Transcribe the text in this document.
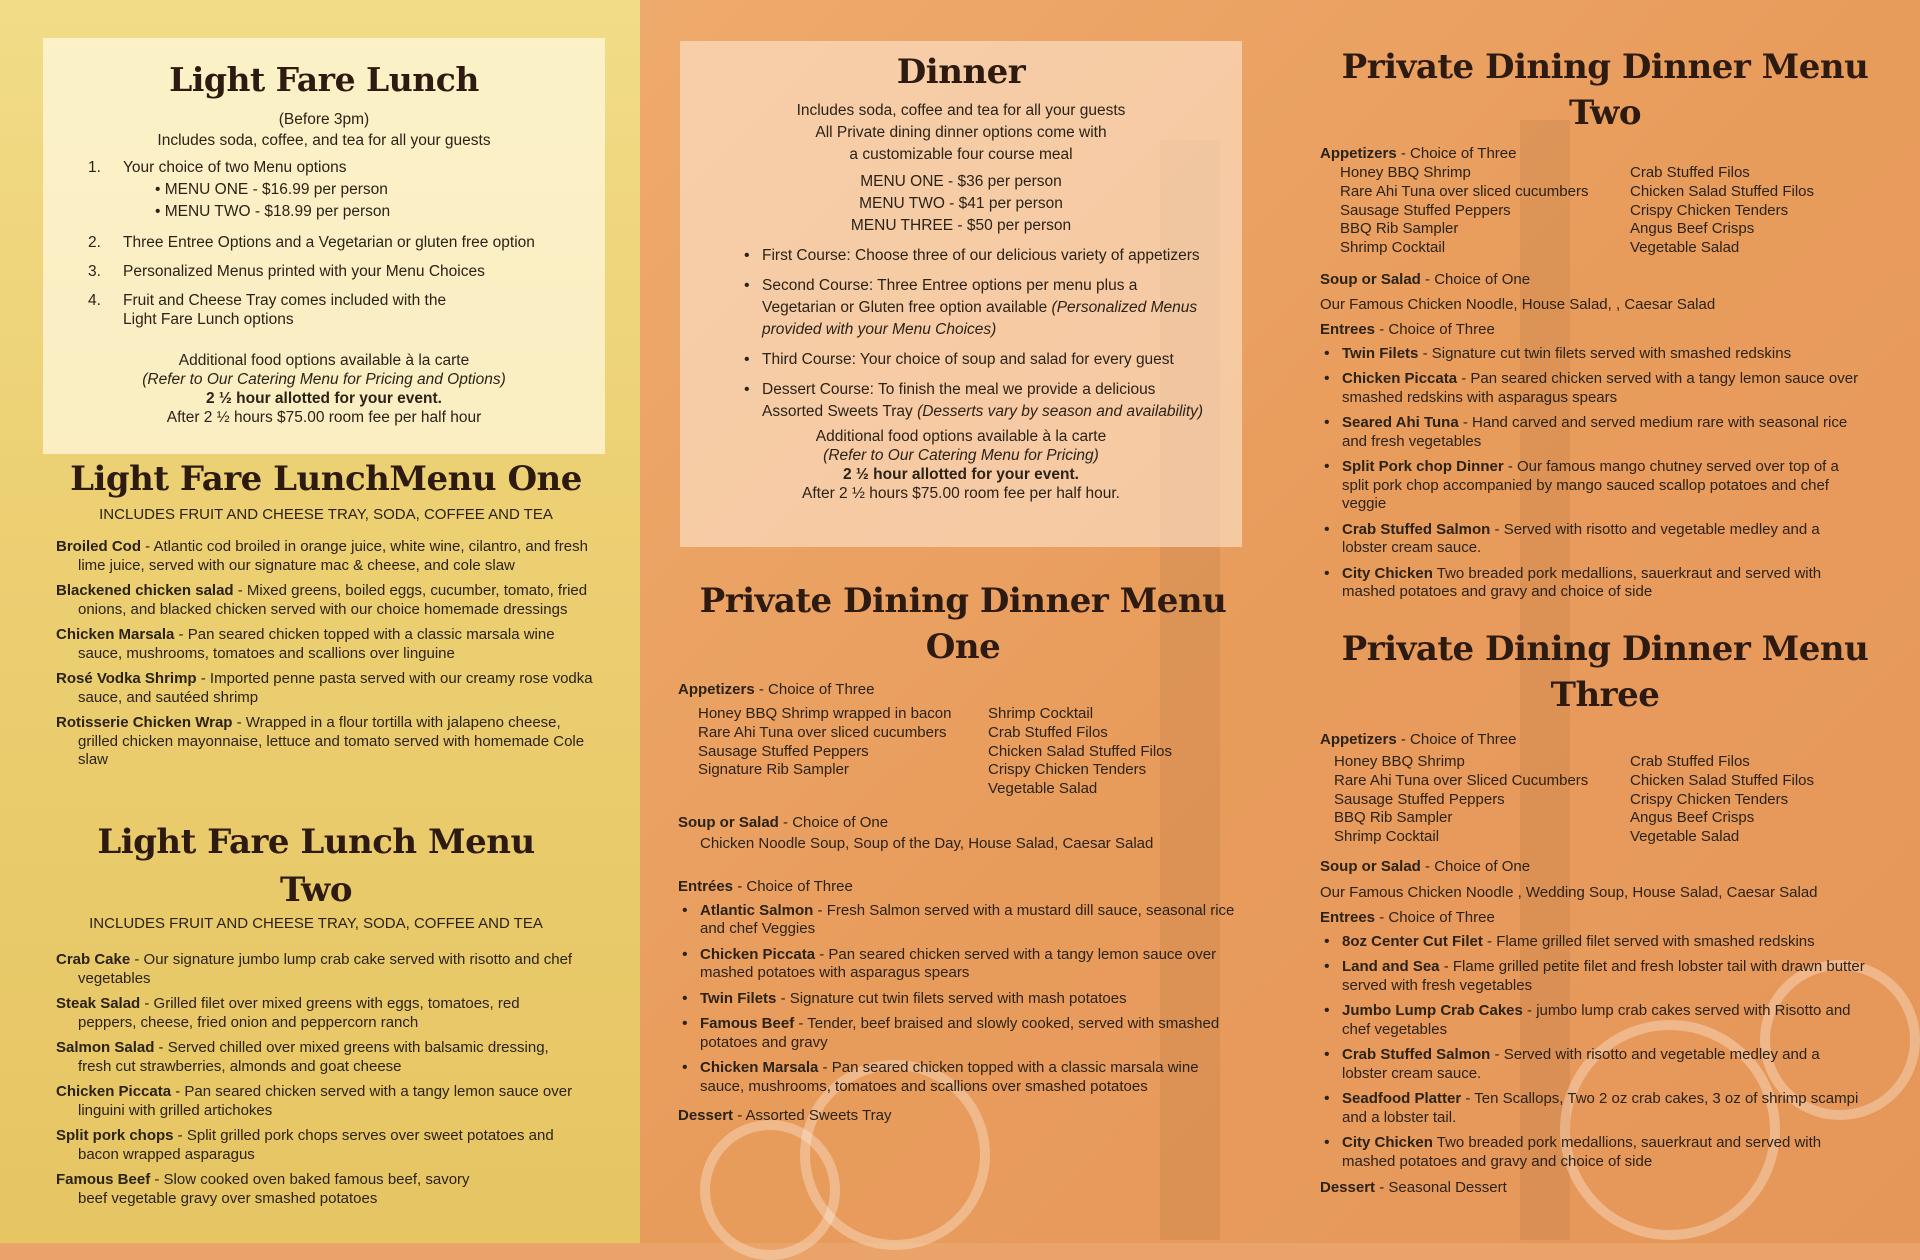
Light Fare Lunch

(Before 3pm)

Includes soda, coffee, and tea for all your guests

1. Your choice of two Menu options
• MENU ONE - $16.99 per person
• MENU TWO - $18.99 per person
2. Three Entree Options and a Vegetarian or gluten free option
3. Personalized Menus printed with your Menu Choices
4. Fruit and Cheese Tray comes included with the
Light Fare Lunch options

Additional food options available à la carte

(Refer to Our Catering Menu for Pricing and Options)

2 ½ hour allotted for your event.

After 2 ½ hours $75.00 room fee per half hour

Light Fare LunchMenu One

INCLUDES FRUIT AND CHEESE TRAY, SODA, COFFEE AND TEA

Broiled Cod - Atlantic cod broiled in orange juice, white wine, cilantro, and fresh lime juice, served with our signature mac & cheese, and cole slaw
Blackened chicken salad - Mixed greens, boiled eggs, cucumber, tomato, fried onions, and blacked chicken served with our choice homemade dressings
Chicken Marsala - Pan seared chicken topped with a classic marsala wine sauce, mushrooms, tomatoes and scallions over linguine
Rosé Vodka Shrimp - Imported penne pasta served with our creamy rose vodka sauce, and sautéed shrimp
Rotisserie Chicken Wrap - Wrapped in a flour tortilla with jalapeno cheese, grilled chicken mayonnaise, lettuce and tomato served with homemade Cole slaw
Light Fare Lunch Menu Two

INCLUDES FRUIT AND CHEESE TRAY, SODA, COFFEE AND TEA

Crab Cake - Our signature jumbo lump crab cake served with risotto and chef vegetables
Steak Salad - Grilled filet over mixed greens with eggs, tomatoes, red peppers, cheese, fried onion and peppercorn ranch
Salmon Salad - Served chilled over mixed greens with balsamic dressing, fresh cut strawberries, almonds and goat cheese
Chicken Piccata - Pan seared chicken served with a tangy lemon sauce over linguini with grilled artichokes
Split pork chops - Split grilled pork chops serves over sweet potatoes and bacon wrapped asparagus
Famous Beef - Slow cooked oven baked famous beef, savory beef vegetable gravy over smashed potatoes
Dinner

Includes soda, coffee and tea for all your guests

All Private dining dinner options come with

a customizable four course meal

MENU ONE - $36 per person

MENU TWO - $41 per person

MENU THREE - $50 per person

• First Course: Choose three of our delicious variety of appetizers
• Second Course: Three Entree options per menu plus a Vegetarian or Gluten free option available (Personalized Menus provided with your Menu Choices)
• Third Course: Your choice of soup and salad for every guest
• Dessert Course: To finish the meal we provide a delicious Assorted Sweets Tray (Desserts vary by season and availability)

Additional food options available à la carte

(Refer to Our Catering Menu for Pricing)

2 ½ hour allotted for your event.

After 2 ½ hours $75.00 room fee per half hour.

Private Dining Dinner Menu One

Appetizers - Choice of Three

Honey BBQ Shrimp wrapped in bacon
Rare Ahi Tuna over sliced cucumbers
Sausage Stuffed Peppers
Signature Rib Sampler
Shrimp Cocktail
Crab Stuffed Filos
Chicken Salad Stuffed Filos
Crispy Chicken Tenders
Vegetable Salad

Soup or Salad - Choice of One

Chicken Noodle Soup, Soup of the Day, House Salad, Caesar Salad

Entrées - Choice of Three

• Atlantic Salmon - Fresh Salmon served with a mustard dill sauce, seasonal rice and chef Veggies
• Chicken Piccata - Pan seared chicken served with a tangy lemon sauce over mashed potatoes with asparagus spears
• Twin Filets - Signature cut twin filets served with mash potatoes
• Famous Beef - Tender, beef braised and slowly cooked, served with smashed potatoes and gravy
• Chicken Marsala - Pan seared chicken topped with a classic marsala wine sauce, mushrooms, tomatoes and scallions over smashed potatoes

Dessert - Assorted Sweets Tray

Private Dining Dinner Menu Two

Appetizers - Choice of Three

Honey BBQ Shrimp
Rare Ahi Tuna over sliced cucumbers
Sausage Stuffed Peppers
BBQ Rib Sampler
Shrimp Cocktail
Crab Stuffed Filos
Chicken Salad Stuffed Filos
Crispy Chicken Tenders
Angus Beef Crisps
Vegetable Salad

Soup or Salad - Choice of One

Our Famous Chicken Noodle, House Salad, , Caesar Salad

Entrees - Choice of Three

• Twin Filets - Signature cut twin filets served with smashed redskins
• Chicken Piccata - Pan seared chicken served with a tangy lemon sauce over smashed redskins with asparagus spears
• Seared Ahi Tuna - Hand carved and served medium rare with seasonal rice and fresh vegetables
• Split Pork chop Dinner - Our famous mango chutney served over top of a split pork chop accompanied by mango sauced scallop potatoes and chef veggie
• Crab Stuffed Salmon - Served with risotto and vegetable medley and a lobster cream sauce.
• City Chicken Two breaded pork medallions, sauerkraut and served with mashed potatoes and gravy and choice of side
Private Dining Dinner Menu Three

Appetizers - Choice of Three

Honey BBQ Shrimp
Rare Ahi Tuna over Sliced Cucumbers
Sausage Stuffed Peppers
BBQ Rib Sampler
Shrimp Cocktail
Crab Stuffed Filos
Chicken Salad Stuffed Filos
Crispy Chicken Tenders
Angus Beef Crisps
Vegetable Salad

Soup or Salad - Choice of One

Our Famous Chicken Noodle , Wedding Soup, House Salad, Caesar Salad

Entrees - Choice of Three

• 8oz Center Cut Filet - Flame grilled filet served with smashed redskins
• Land and Sea - Flame grilled petite filet and fresh lobster tail with drawn butter served with fresh vegetables
• Jumbo Lump Crab Cakes - jumbo lump crab cakes served with Risotto and chef vegetables
• Crab Stuffed Salmon - Served with risotto and vegetable medley and a lobster cream sauce.
• Seadfood Platter - Ten Scallops, Two 2 oz crab cakes, 3 oz of shrimp scampi and a lobster tail.
• City Chicken Two breaded pork medallions, sauerkraut and served with mashed potatoes and gravy and choice of side

Dessert - Seasonal Dessert
